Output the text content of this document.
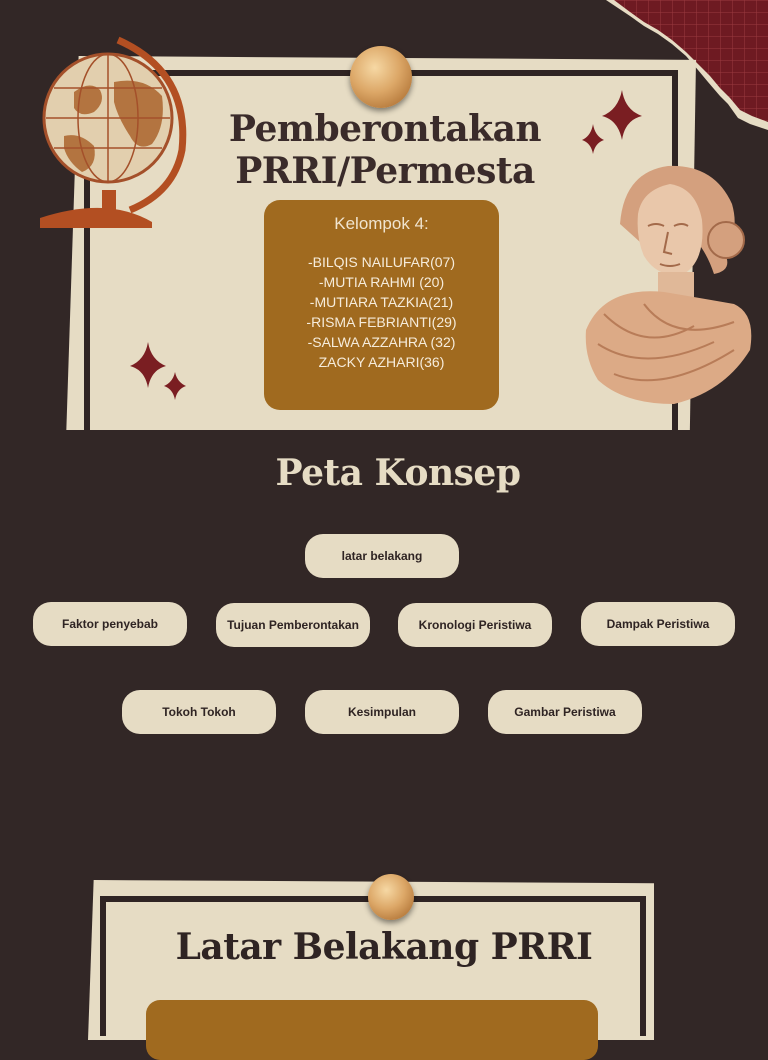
Pemberontakan
PRRI/Permesta
Kelompok 4:
-BILQIS NAILUFAR(07)
-MUTIA RAHMI (20)
-MUTIARA TAZKIA(21)
-RISMA FEBRIANTI(29)
-SALWA AZZAHRA (32)
ZACKY AZHARI(36)
Peta Konsep
latar belakang
Faktor penyebab	Tujuan Pemberontakan	Kronologi Peristiwa	Dampak Peristiwa
Tokoh Tokoh	Kesimpulan	Gambar Peristiwa
Latar Belakang PRRI
